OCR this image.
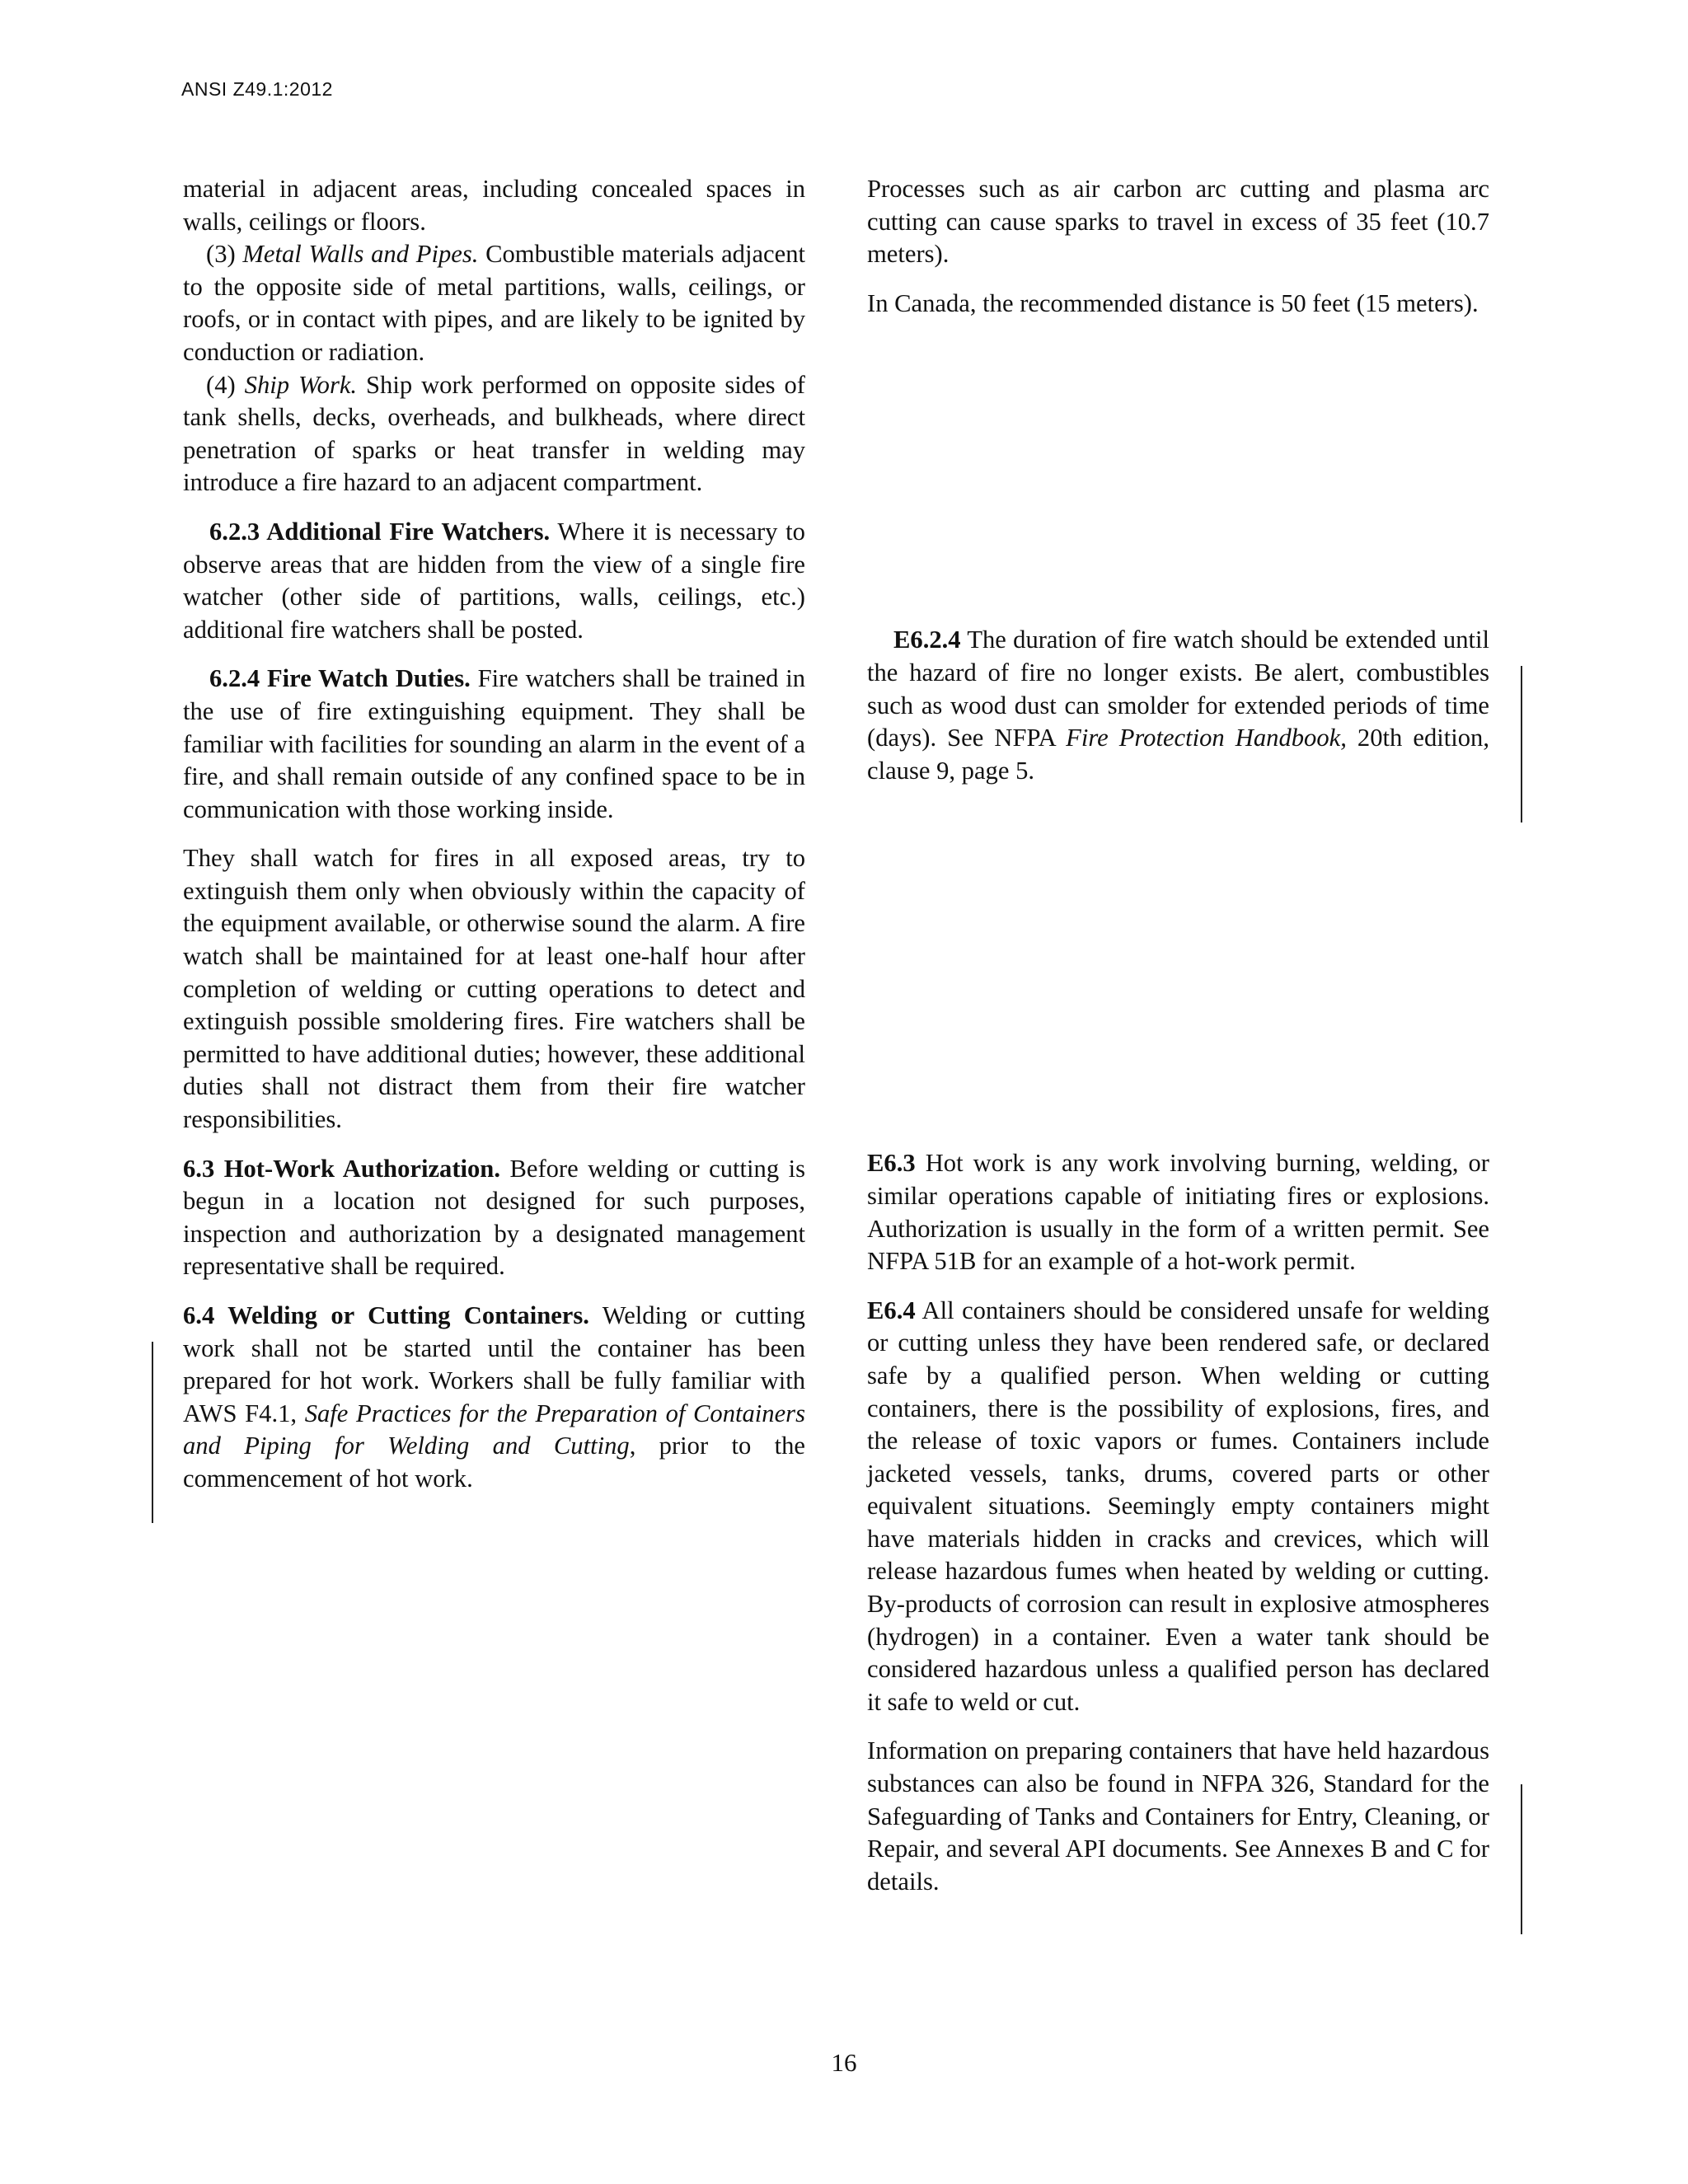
ANSI Z49.1:2012

material in adjacent areas, including concealed spaces in walls, ceilings or floors.

(3) Metal Walls and Pipes. Combustible materials adjacent to the opposite side of metal partitions, walls, ceilings, or roofs, or in contact with pipes, and are likely to be ignited by conduction or radiation.

(4) Ship Work. Ship work performed on opposite sides of tank shells, decks, overheads, and bulkheads, where direct penetration of sparks or heat transfer in welding may introduce a fire hazard to an adjacent compartment.

6.2.3 Additional Fire Watchers. Where it is necessary to observe areas that are hidden from the view of a single fire watcher (other side of partitions, walls, ceilings, etc.) additional fire watchers shall be posted.

6.2.4 Fire Watch Duties. Fire watchers shall be trained in the use of fire extinguishing equipment. They shall be familiar with facilities for sounding an alarm in the event of a fire, and shall remain outside of any confined space to be in communication with those working inside.

They shall watch for fires in all exposed areas, try to extinguish them only when obviously within the capacity of the equipment available, or otherwise sound the alarm. A fire watch shall be maintained for at least one-half hour after completion of welding or cutting operations to detect and extinguish possible smoldering fires. Fire watchers shall be permitted to have additional duties; however, these additional duties shall not distract them from their fire watcher responsibilities.

6.3 Hot-Work Authorization. Before welding or cutting is begun in a location not designed for such purposes, inspection and authorization by a designated management representative shall be required.

6.4 Welding or Cutting Containers. Welding or cutting work shall not be started until the container has been prepared for hot work. Workers shall be fully familiar with AWS F4.1, Safe Practices for the Preparation of Containers and Piping for Welding and Cutting, prior to the commencement of hot work.

Processes such as air carbon arc cutting and plasma arc cutting can cause sparks to travel in excess of 35 feet (10.7 meters).

In Canada, the recommended distance is 50 feet (15 meters).

E6.2.4 The duration of fire watch should be extended until the hazard of fire no longer exists. Be alert, combustibles such as wood dust can smolder for extended periods of time (days). See NFPA Fire Protection Handbook, 20th edition, clause 9, page 5.

E6.3 Hot work is any work involving burning, welding, or similar operations capable of initiating fires or explosions. Authorization is usually in the form of a written permit. See NFPA 51B for an example of a hot-work permit.

E6.4 All containers should be considered unsafe for welding or cutting unless they have been rendered safe, or declared safe by a qualified person. When welding or cutting containers, there is the possibility of explosions, fires, and the release of toxic vapors or fumes. Containers include jacketed vessels, tanks, drums, covered parts or other equivalent situations. Seemingly empty containers might have materials hidden in cracks and crevices, which will release hazardous fumes when heated by welding or cutting. By-products of corrosion can result in explosive atmospheres (hydrogen) in a container. Even a water tank should be considered hazardous unless a qualified person has declared it safe to weld or cut.

Information on preparing containers that have held hazardous substances can also be found in NFPA 326, Standard for the Safeguarding of Tanks and Containers for Entry, Cleaning, or Repair, and several API documents. See Annexes B and C for details.

16
